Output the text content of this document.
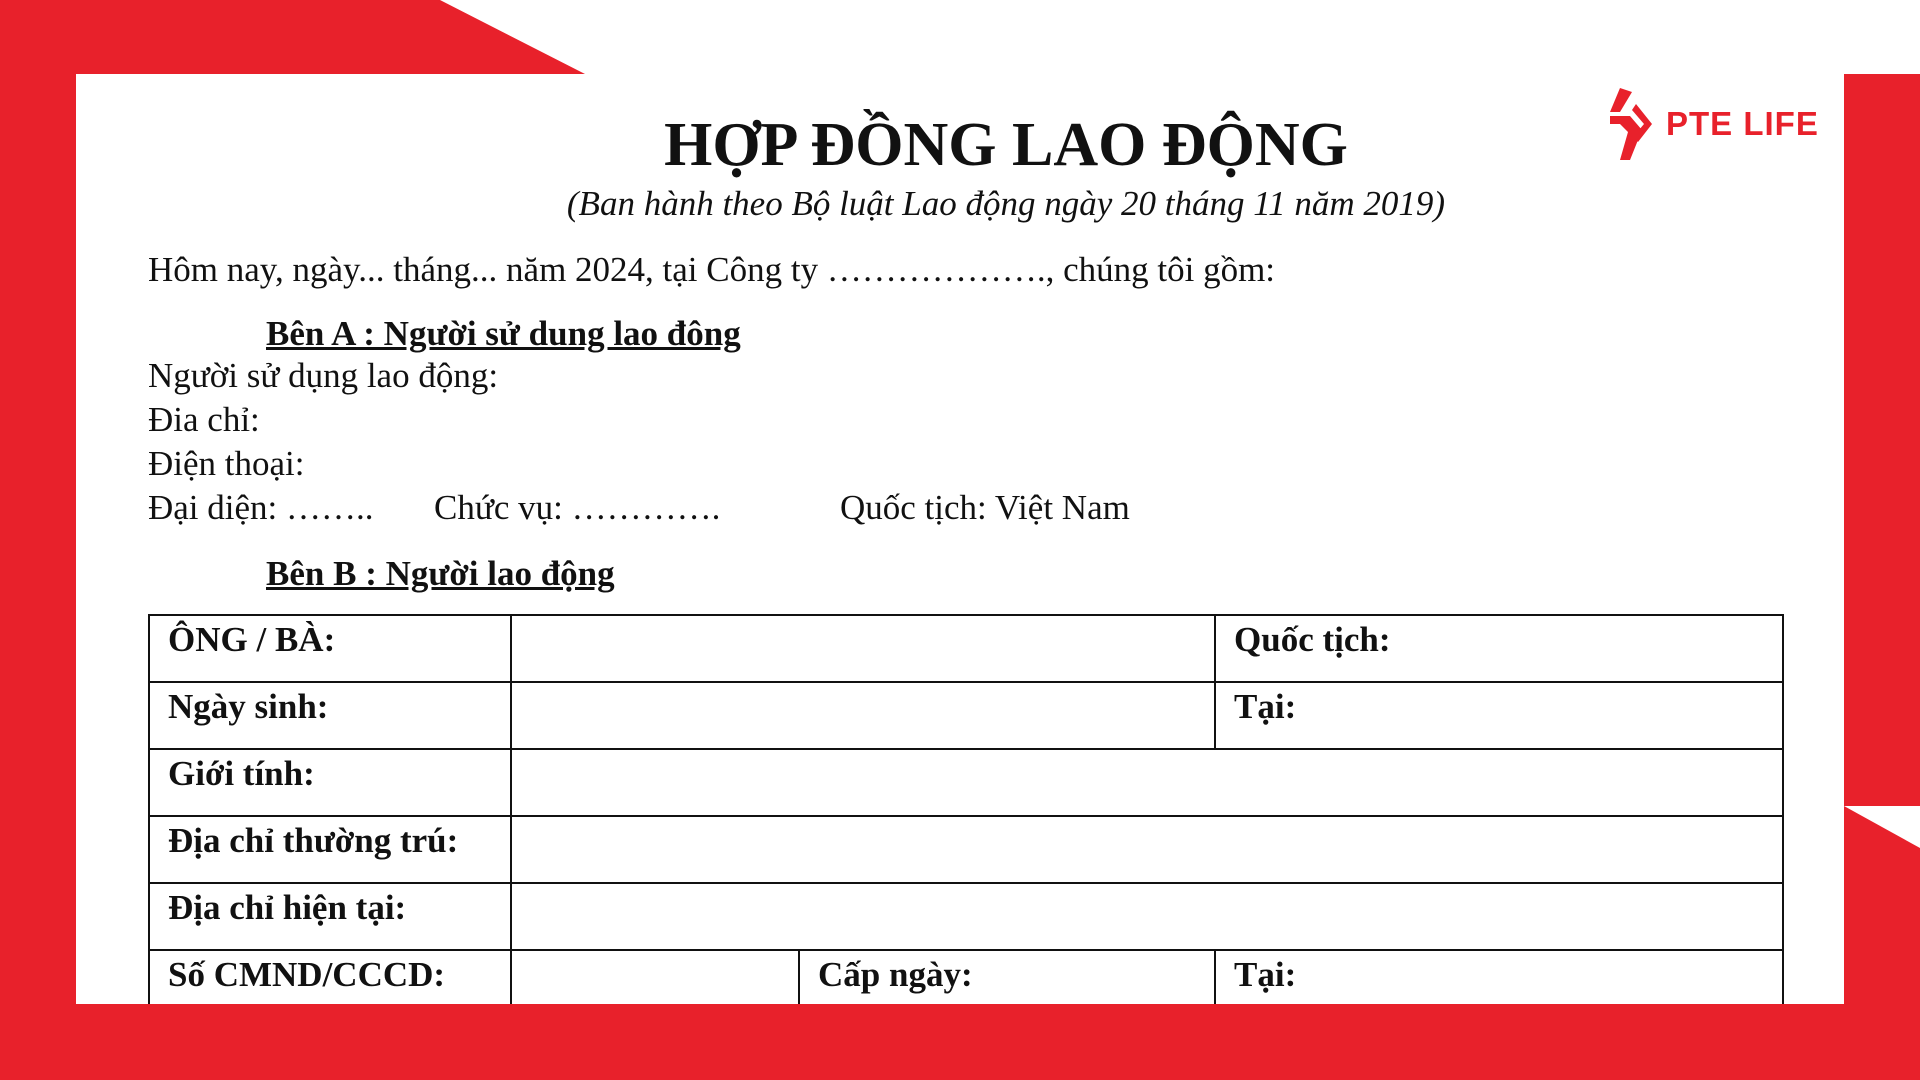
PTE LIFE
HỢP ĐỒNG LAO ĐỘNG
(Ban hành theo Bộ luật Lao động ngày 20 tháng 11 năm 2019)
Hôm nay, ngày... tháng... năm 2024, tại Công ty ………………., chúng tôi gồm:
Bên A : Người sử dung lao đông
Người sử dụng lao động:
Đia chỉ:
Điện thoại:
Đại diện: …….. Chức vụ: ………….	Quốc tịch: Việt Nam
Bên B : Người lao động
ÔNG / BÀ:			Quốc tịch:
Ngày sinh:			Tại:
Giới tính:			
Địa chỉ thường trú:			
Địa chỉ hiện tại:			
Số CMND/CCCD:		Cấp ngày:	Tại:
